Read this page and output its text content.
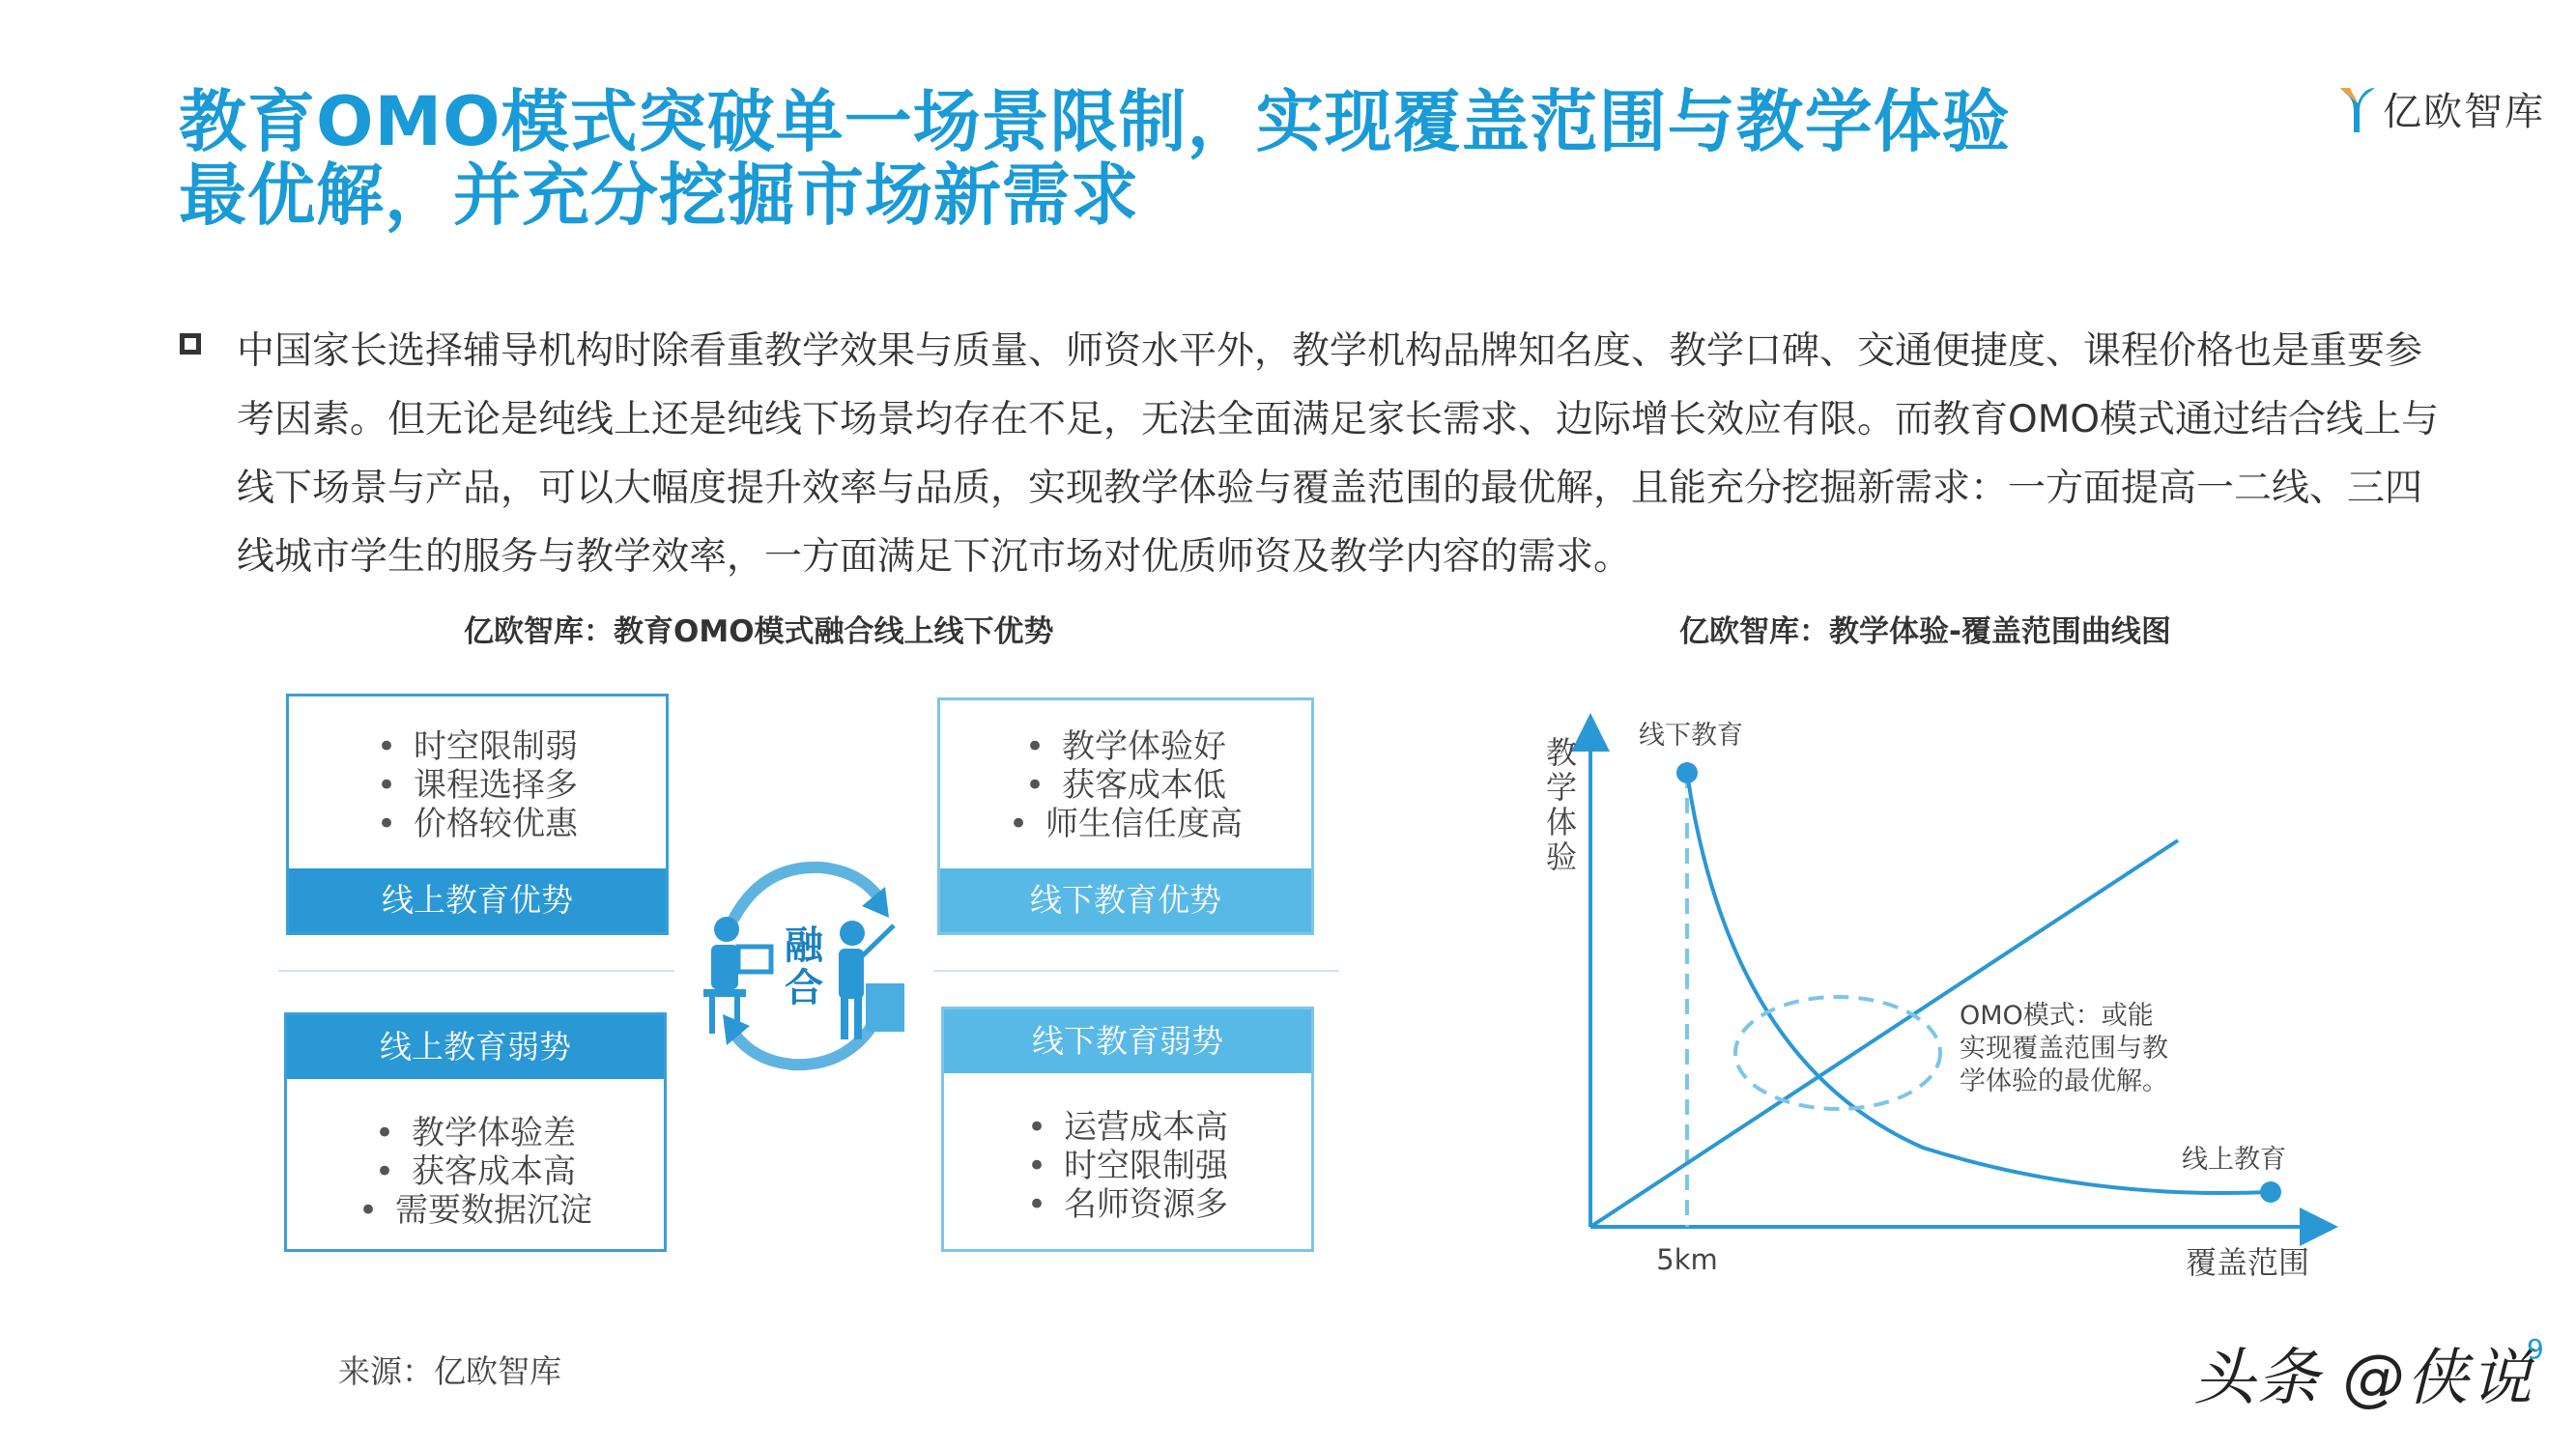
教育OMO模式突破单一场景限制，实现覆盖范围与教学体验
最优解，并充分挖掘市场新需求
亿欧智库
中国家长选择辅导机构时除看重教学效果与质量、师资水平外，教学机构品牌知名度、教学口碑、交通便捷度、课程价格也是重要参考因素。但无论是纯线上还是纯线下场景均存在不足，无法全面满足家长需求、边际增长效应有限。而教育OMO模式通过结合线上与线下场景与产品，可以大幅度提升效率与品质，实现教学体验与覆盖范围的最优解，且能充分挖掘新需求：一方面提高一二线、三四线城市学生的服务与教学效率，一方面满足下沉市场对优质师资及教学内容的需求。
亿欧智库：教育OMO模式融合线上线下优势	亿欧智库：教学体验-覆盖范围曲线图
• 时空限制弱
• 课程选择多
• 价格较优惠
线上教育优势
• 教学体验好
• 获客成本低
• 师生信任度高
线下教育优势
线上教育弱势
• 教学体验差
• 获客成本高
• 需要数据沉淀
线下教育弱势
• 运营成本高
• 时空限制强
• 名师资源多
融
合
教 学 体 验
线下教育
线上教育
OMO模式：或能
实现覆盖范围与教
学体验的最优解。
5km	覆盖范围
来源：亿欧智库	头条 @侠说
9
